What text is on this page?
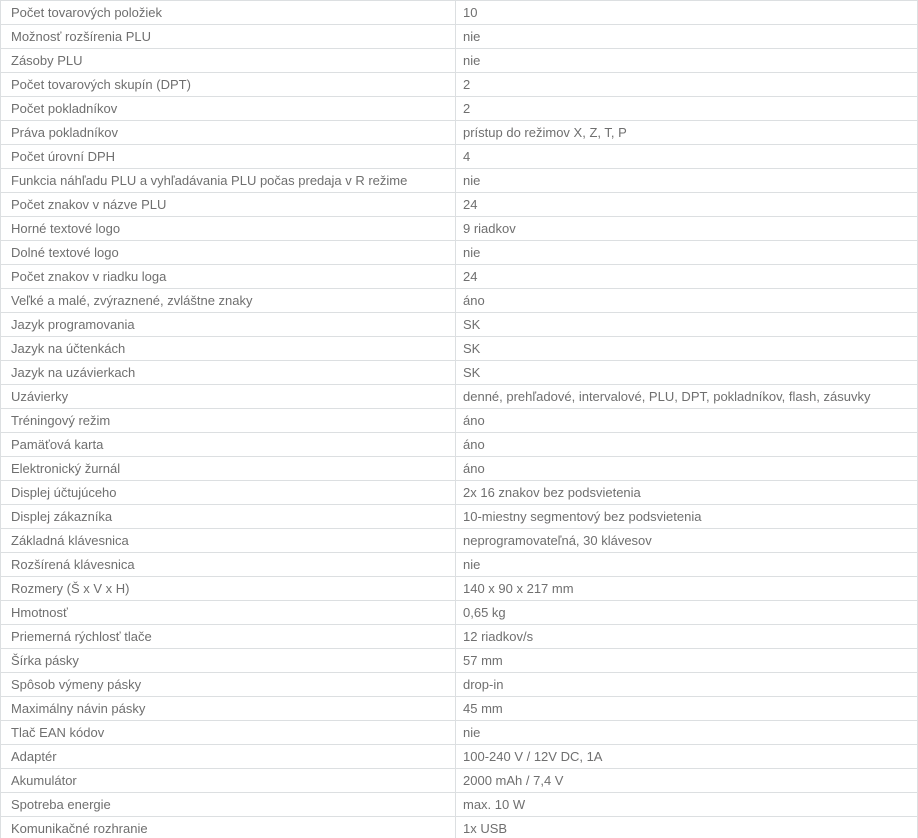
Počet tovarových položiek	10
Možnosť rozšírenia PLU	nie
Zásoby PLU	nie
Počet tovarových skupín (DPT)	2
Počet pokladníkov	2
Práva pokladníkov	prístup do režimov X, Z, T, P
Počet úrovní DPH	4
Funkcia náhľadu PLU a vyhľadávania PLU počas predaja v R režime	nie
Počet znakov v názve PLU	24
Horné textové logo	9 riadkov
Dolné textové logo	nie
Počet znakov v riadku loga	24
Veľké a malé, zvýraznené, zvláštne znaky	áno
Jazyk programovania	SK
Jazyk na účtenkách	SK
Jazyk na uzávierkach	SK
Uzávierky	denné, prehľadové, intervalové, PLU, DPT, pokladníkov, flash, zásuvky
Tréningový režim	áno
Pamäťová karta	áno
Elektronický žurnál	áno
Displej účtujúceho	2x 16 znakov bez podsvietenia
Displej zákazníka	10-miestny segmentový bez podsvietenia
Základná klávesnica	neprogramovateľná, 30 klávesov
Rozšírená klávesnica	nie
Rozmery (Š x V x H)	140 x 90 x 217 mm
Hmotnosť	0,65 kg
Priemerná rýchlosť tlače	12 riadkov/s
Šírka pásky	57 mm
Spôsob výmeny pásky	drop-in
Maximálny návin pásky	45 mm
Tlač EAN kódov	nie
Adaptér	100-240 V / 12V DC, 1A
Akumulátor	2000 mAh / 7,4 V
Spotreba energie	max. 10 W
Komunikačné rozhranie	1x USB
